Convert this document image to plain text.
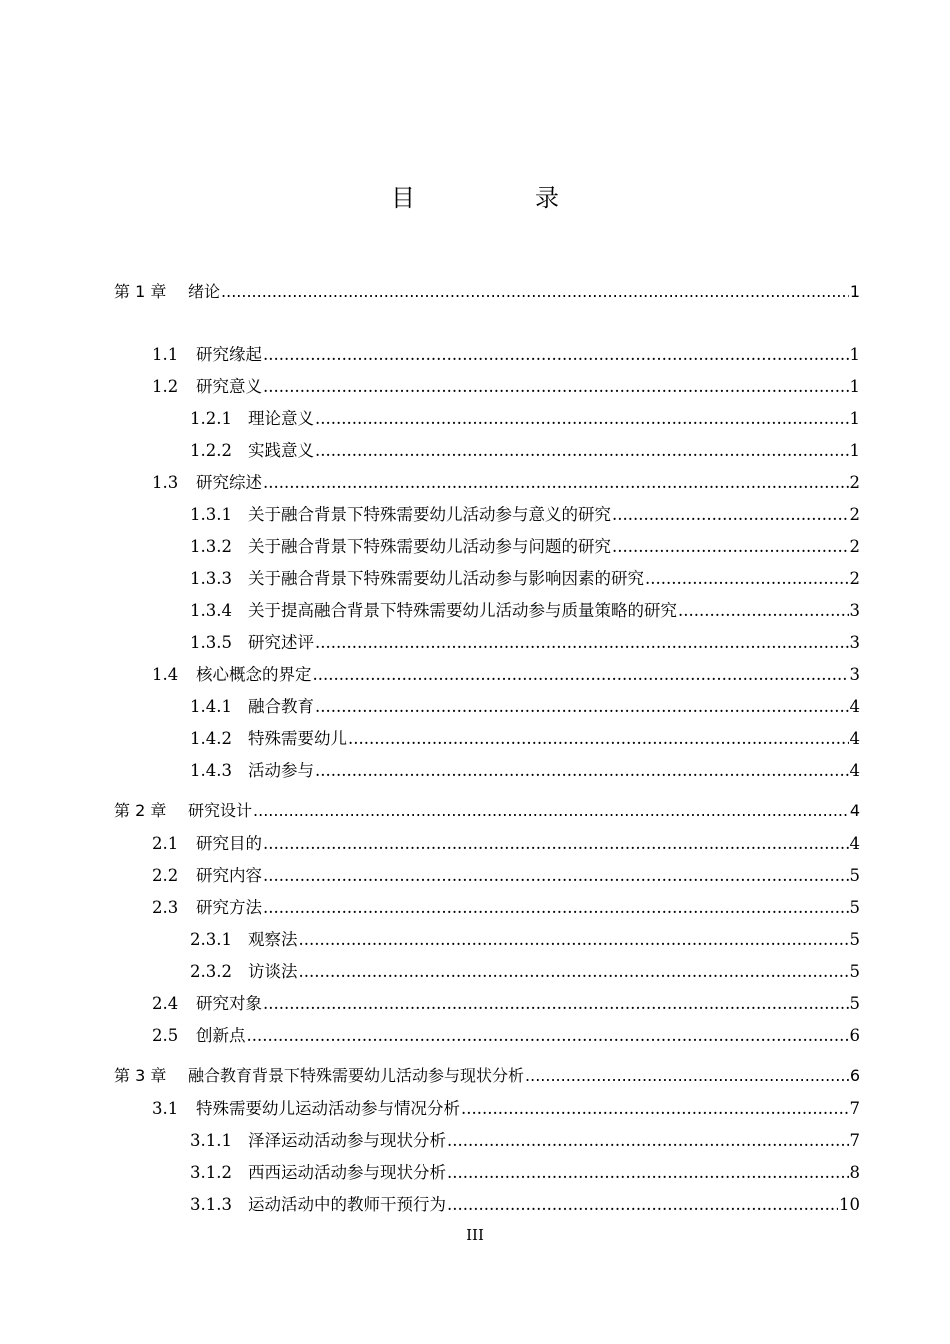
目　录
第 1 章	绪论 .....	1
1.1	研究缘起 .....	1
1.2	研究意义 .....	1
1.2.1 理论意义 .....	1
1.2.2 实践意义 .....	1
1.3	研究综述 .....	2
1.3.1 关于融合背景下特殊需要幼儿活动参与意义的研究 .....	2
1.3.2 关于融合背景下特殊需要幼儿活动参与问题的研究 .....	2
1.3.3 关于融合背景下特殊需要幼儿活动参与影响因素的研究 .....	2
1.3.4 关于提高融合背景下特殊需要幼儿活动参与质量策略的研究 .....	3
1.3.5 研究述评 .....	3
1.4	核心概念的界定 .....	3
1.4.1 融合教育 .....	4
1.4.2 特殊需要幼儿 .....	4
1.4.3 活动参与 .....	4
第 2 章	研究设计 .....	4
2.1	研究目的 .....	4
2.2	研究内容 .....	5
2.3	研究方法 .....	5
2.3.1 观察法 .....	5
2.3.2 访谈法 .....	5
2.4	研究对象 .....	5
2.5	创新点 .....	6
第 3 章	融合教育背景下特殊需要幼儿活动参与现状分析 .....	6
3.1	特殊需要幼儿运动活动参与情况分析 .....	7
3.1.1 泽泽运动活动参与现状分析 .....	7
3.1.2 西西运动活动参与现状分析 .....	8
3.1.3 运动活动中的教师干预行为 .....	10
III
